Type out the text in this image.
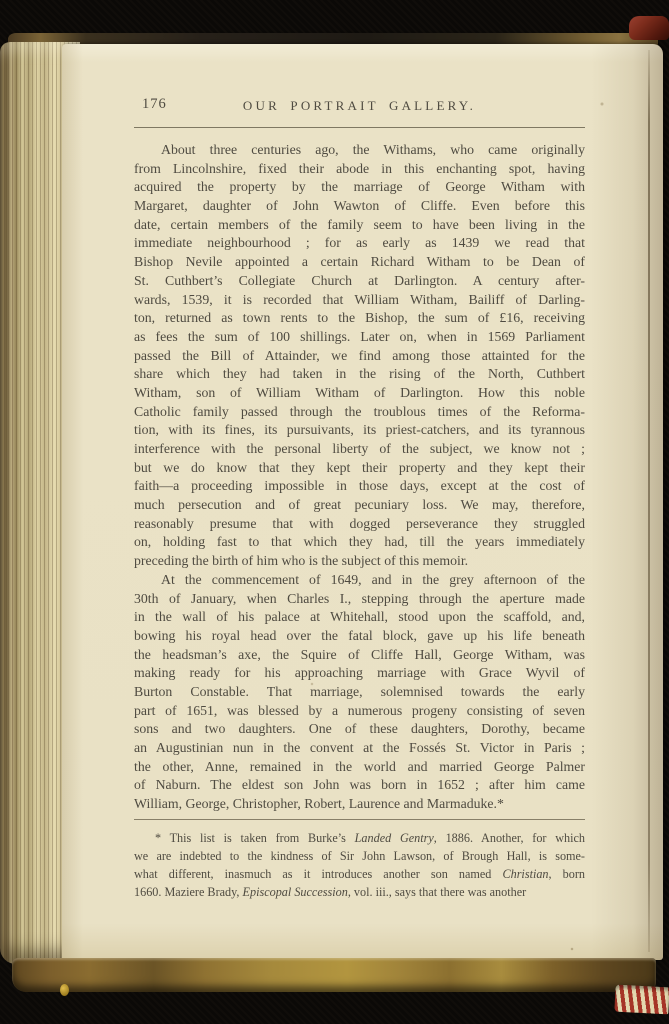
176	OUR PORTRAIT GALLERY.
About three centuries ago, the Withams, who came originally
from Lincolnshire, fixed their abode in this enchanting spot, having
acquired the property by the marriage of George Witham with
Margaret, daughter of John Wawton of Cliffe. Even before this
date, certain members of the family seem to have been living in the
immediate neighbourhood ; for as early as 1439 we read that
Bishop Nevile appointed a certain Richard Witham to be Dean of
St. Cuthbert’s Collegiate Church at Darlington. A century after-
wards, 1539, it is recorded that William Witham, Bailiff of Darling-
ton, returned as town rents to the Bishop, the sum of £16, receiving
as fees the sum of 100 shillings. Later on, when in 1569 Parliament
passed the Bill of Attainder, we find among those attainted for the
share which they had taken in the rising of the North, Cuthbert
Witham, son of William Witham of Darlington. How this noble
Catholic family passed through the troublous times of the Reforma-
tion, with its fines, its pursuivants, its priest-catchers, and its tyrannous
interference with the personal liberty of the subject, we know not ;
but we do know that they kept their property and they kept their
faith—a proceeding impossible in those days, except at the cost of
much persecution and of great pecuniary loss. We may, therefore,
reasonably presume that with dogged perseverance they struggled
on, holding fast to that which they had, till the years immediately
preceding the birth of him who is the subject of this memoir.
At the commencement of 1649, and in the grey afternoon of the
30th of January, when Charles I., stepping through the aperture made
in the wall of his palace at Whitehall, stood upon the scaffold, and,
bowing his royal head over the fatal block, gave up his life beneath
the headsman’s axe, the Squire of Cliffe Hall, George Witham, was
making ready for his approaching marriage with Grace Wyvil of
Burton Constable. That marriage, solemnised towards the early
part of 1651, was blessed by a numerous progeny consisting of seven
sons and two daughters. One of these daughters, Dorothy, became
an Augustinian nun in the convent at the Fossés St. Victor in Paris ;
the other, Anne, remained in the world and married George Palmer
of Naburn. The eldest son John was born in 1652 ; after him came
William, George, Christopher, Robert, Laurence and Marmaduke.*
* This list is taken from Burke’s Landed Gentry, 1886. Another, for which
we are indebted to the kindness of Sir John Lawson, of Brough Hall, is some-
what different, inasmuch as it introduces another son named Christian, born
1660. Maziere Brady, Episcopal Succession, vol. iii., says that there was another
